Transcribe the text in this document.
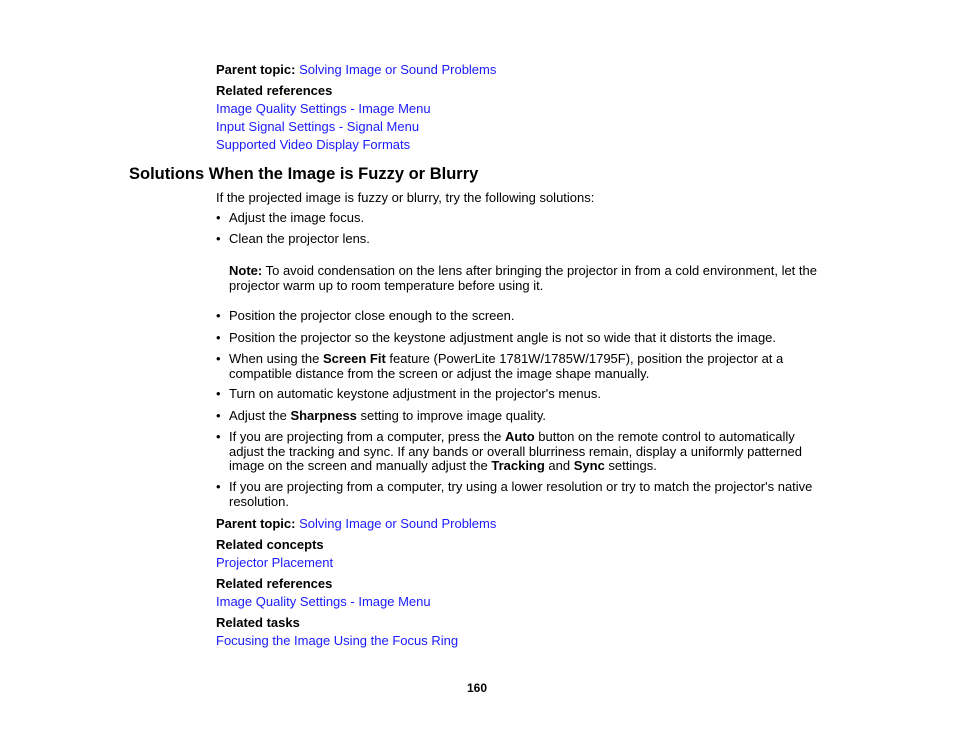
Parent topic: Solving Image or Sound Problems
Related references
Image Quality Settings - Image Menu
Input Signal Settings - Signal Menu
Supported Video Display Formats
Solutions When the Image is Fuzzy or Blurry
If the projected image is fuzzy or blurry, try the following solutions:
• Adjust the image focus.
• Clean the projector lens.
Note: To avoid condensation on the lens after bringing the projector in from a cold environment, let the projector warm up to room temperature before using it.
• Position the projector close enough to the screen.
• Position the projector so the keystone adjustment angle is not so wide that it distorts the image.
• When using the Screen Fit feature (PowerLite 1781W/1785W/1795F), position the projector at a compatible distance from the screen or adjust the image shape manually.
• Turn on automatic keystone adjustment in the projector's menus.
• Adjust the Sharpness setting to improve image quality.
• If you are projecting from a computer, press the Auto button on the remote control to automatically adjust the tracking and sync. If any bands or overall blurriness remain, display a uniformly patterned image on the screen and manually adjust the Tracking and Sync settings.
• If you are projecting from a computer, try using a lower resolution or try to match the projector's native resolution.
Parent topic: Solving Image or Sound Problems
Related concepts
Projector Placement
Related references
Image Quality Settings - Image Menu
Related tasks
Focusing the Image Using the Focus Ring
160
